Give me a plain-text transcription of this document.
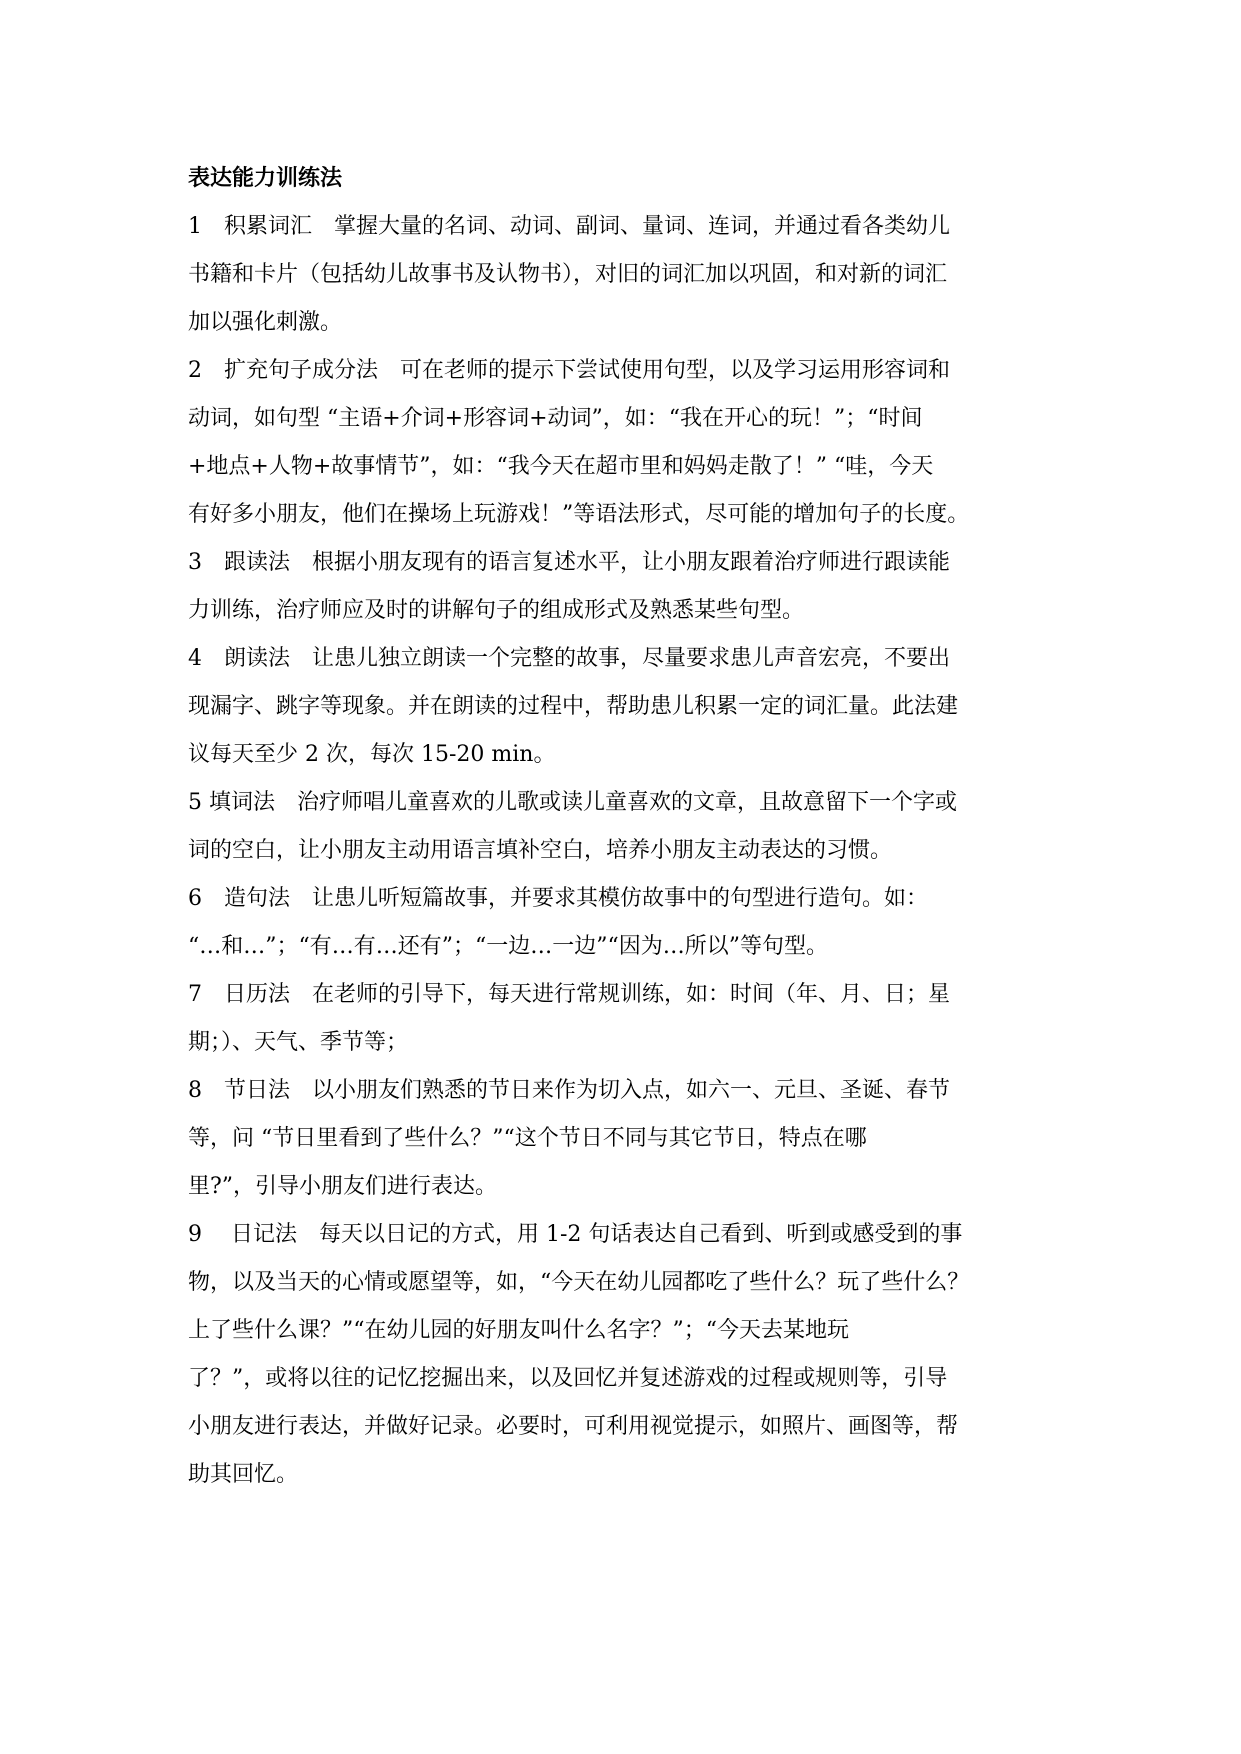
表达能力训练法
1　积累词汇　掌握大量的名词、动词、副词、量词、连词，并通过看各类幼儿
书籍和卡片（包括幼儿故事书及认物书），对旧的词汇加以巩固，和对新的词汇
加以强化刺激。
2　扩充句子成分法　可在老师的提示下尝试使用句型，以及学习运用形容词和
动词，如句型 “主语+介词+形容词+动词”，如：“我在开心的玩！”；“时间
+地点+人物+故事情节”，如：“我今天在超市里和妈妈走散了！” “哇，今天
有好多小朋友，他们在操场上玩游戏！”等语法形式，尽可能的增加句子的长度。
3　跟读法　根据小朋友现有的语言复述水平，让小朋友跟着治疗师进行跟读能
力训练，治疗师应及时的讲解句子的组成形式及熟悉某些句型。
4　朗读法　让患儿独立朗读一个完整的故事，尽量要求患儿声音宏亮，不要出
现漏字、跳字等现象。并在朗读的过程中，帮助患儿积累一定的词汇量。此法建
议每天至少 2 次，每次 15-20 min。
5 填词法　治疗师唱儿童喜欢的儿歌或读儿童喜欢的文章，且故意留下一个字或
词的空白，让小朋友主动用语言填补空白，培养小朋友主动表达的习惯。
6　造句法　让患儿听短篇故事，并要求其模仿故事中的句型进行造句。如：
“…和…”；“有…有…还有”；“一边…一边”“因为…所以”等句型。
7　日历法　在老师的引导下，每天进行常规训练，如：时间（年、月、日；星
期；）、天气、季节等；
8　节日法　以小朋友们熟悉的节日来作为切入点，如六一、元旦、圣诞、春节
等，问 “节日里看到了些什么？”“这个节日不同与其它节日，特点在哪
里?”，引导小朋友们进行表达。
9　 日记法　每天以日记的方式，用 1-2 句话表达自己看到、听到或感受到的事
物，以及当天的心情或愿望等，如，“今天在幼儿园都吃了些什么？玩了些什么？
上了些什么课？”“在幼儿园的好朋友叫什么名字？”；“今天去某地玩
了？”，或将以往的记忆挖掘出来，以及回忆并复述游戏的过程或规则等，引导
小朋友进行表达，并做好记录。必要时，可利用视觉提示，如照片、画图等，帮
助其回忆。
